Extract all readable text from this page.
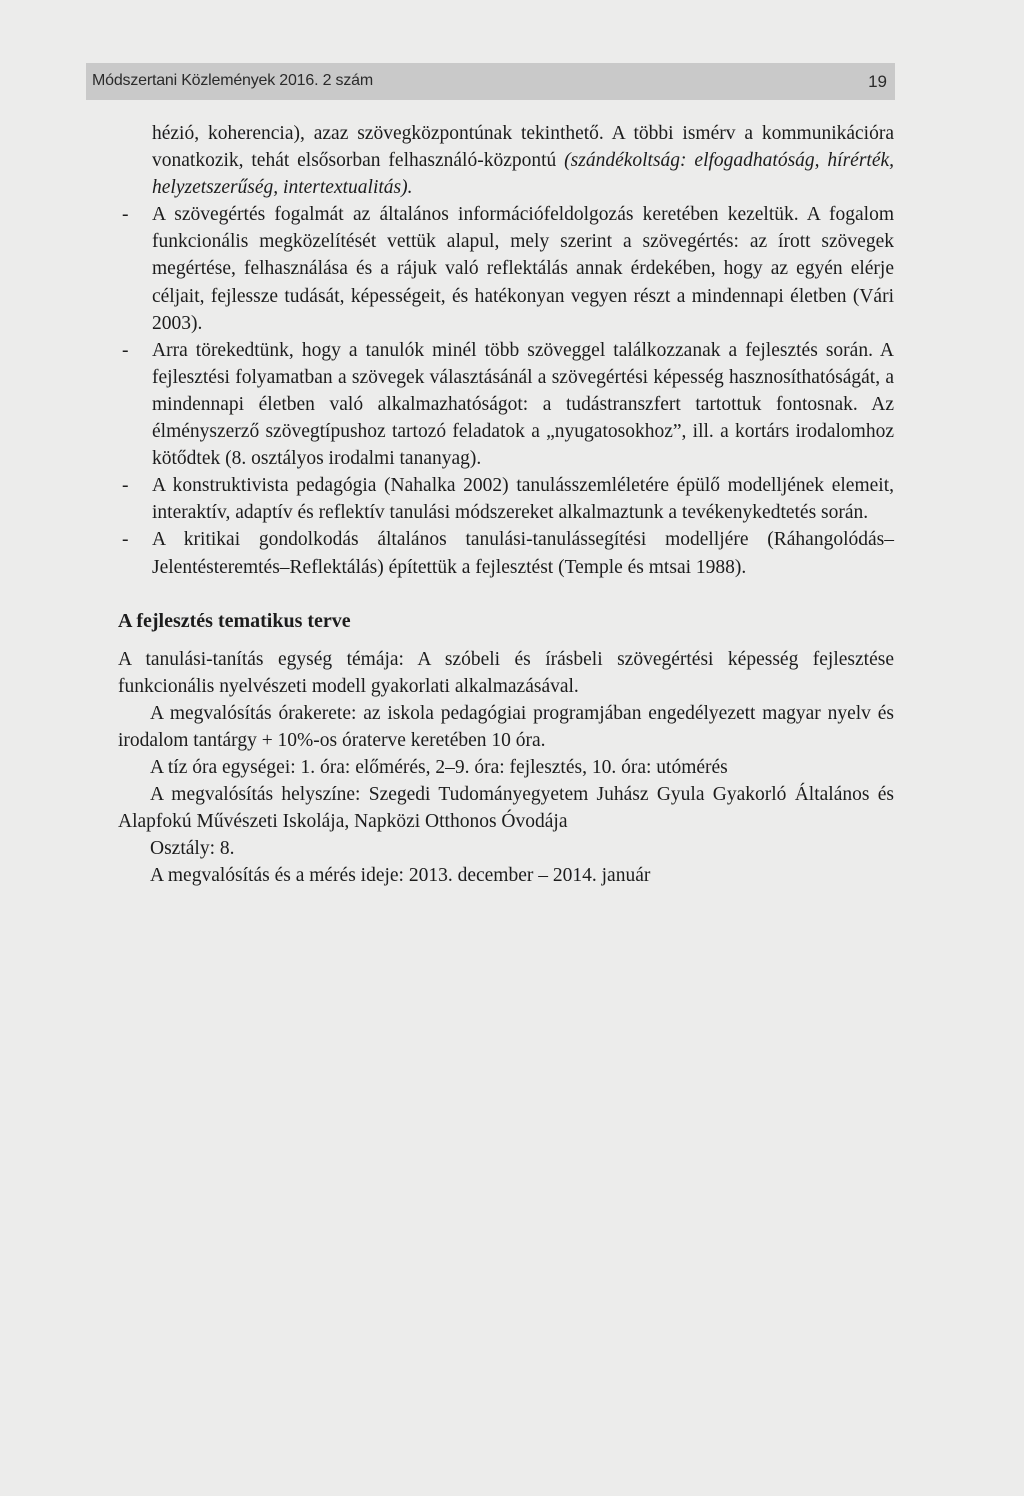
Módszertani Közlemények 2016. 2 szám	19
hézió, koherencia), azaz szövegközpontúnak tekinthető. A többi ismérv a kommunikációra vonatkozik, tehát elsősorban felhasználó-központú (szándékoltság: elfogadhatóság, hírérték, helyzetszerűség, intertextualitás).
- A szövegértés fogalmát az általános információfeldolgozás keretében kezeltük. A fogalom funkcionális megközelítését vettük alapul, mely szerint a szövegértés: az írott szövegek megértése, felhasználása és a rájuk való reflektálás annak érdekében, hogy az egyén elérje céljait, fejlessze tudását, képességeit, és hatékonyan vegyen részt a mindennapi életben (Vári 2003).
- Arra törekedtünk, hogy a tanulók minél több szöveggel találkozzanak a fejlesztés során. A fejlesztési folyamatban a szövegek választásánál a szövegértési képesség hasznosíthatóságát, a mindennapi életben való alkalmazhatóságot: a tudástranszfert tartottuk fontosnak. Az élményszerző szövegtípushoz tartozó feladatok a „nyugatosokhoz”, ill. a kortárs irodalomhoz kötődtek (8. osztályos irodalmi tananyag).
- A konstruktivista pedagógia (Nahalka 2002) tanulásszemléletére épülő modelljének elemeit, interaktív, adaptív és reflektív tanulási módszereket alkalmaztunk a tevékenykedtetés során.
- A kritikai gondolkodás általános tanulási-tanulássegítési modelljére (Ráhangolódás–Jelentésteremtés–Reflektálás) építettük a fejlesztést (Temple és mtsai 1988).
A fejlesztés tematikus terve
A tanulási-tanítás egység témája: A szóbeli és írásbeli szövegértési képesség fejlesztése funkcionális nyelvészeti modell gyakorlati alkalmazásával.
A megvalósítás órakerete: az iskola pedagógiai programjában engedélyezett magyar nyelv és irodalom tantárgy + 10%-os óraterve keretében 10 óra.
A tíz óra egységei: 1. óra: előmérés, 2–9. óra: fejlesztés, 10. óra: utómérés
A megvalósítás helyszíne: Szegedi Tudományegyetem Juhász Gyula Gyakorló Általános és Alapfokú Művészeti Iskolája, Napközi Otthonos Óvodája
Osztály: 8.
A megvalósítás és a mérés ideje: 2013. december – 2014. január
